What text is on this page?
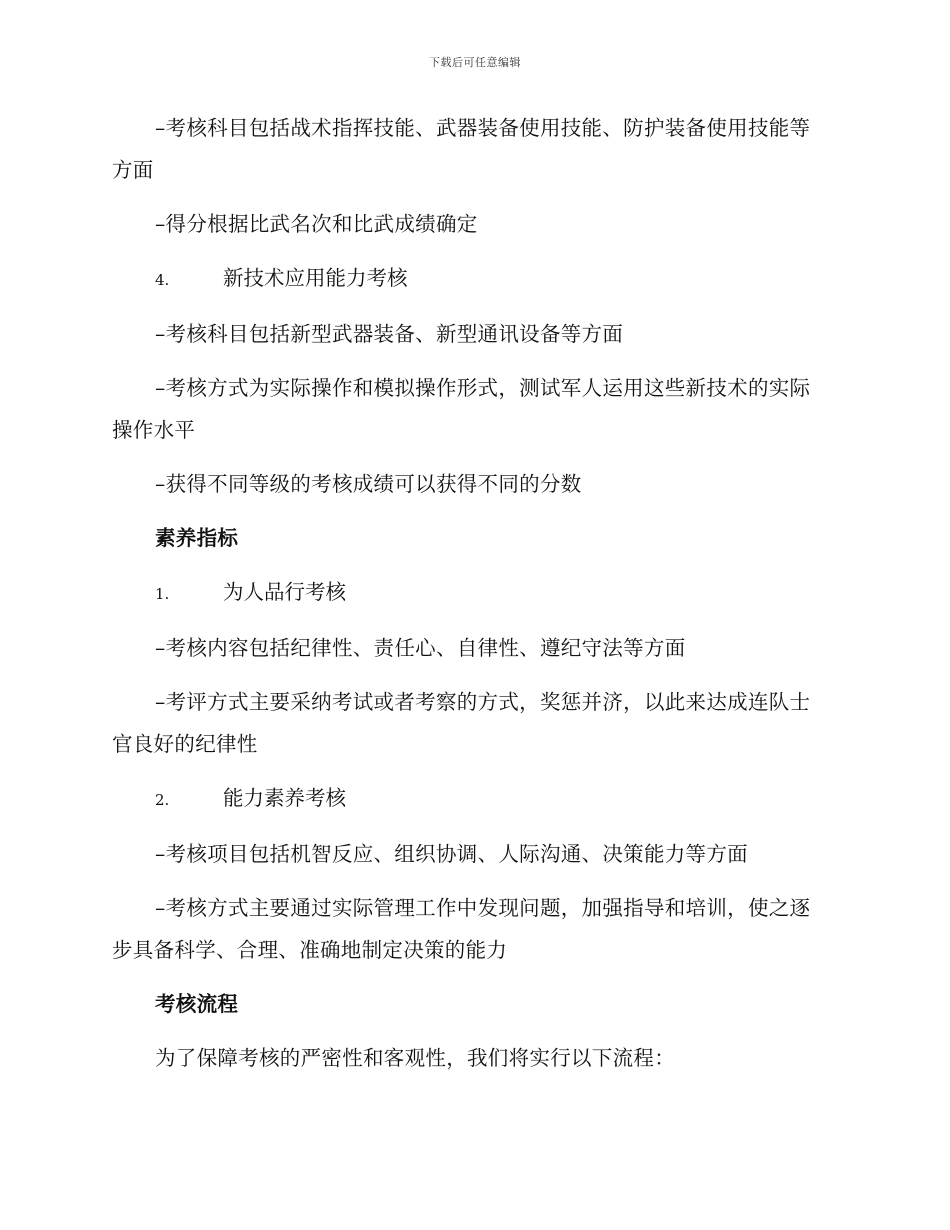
下载后可任意编辑

–考核科目包括战术指挥技能、武器装备使用技能、防护装备使用技能等方面

–得分根据比武名次和比武成绩确定

4.	新技术应用能力考核

–考核科目包括新型武器装备、新型通讯设备等方面

–考核方式为实际操作和模拟操作形式，测试军人运用这些新技术的实际操作水平

–获得不同等级的考核成绩可以获得不同的分数

素养指标
1.	为人品行考核

–考核内容包括纪律性、责任心、自律性、遵纪守法等方面

–考评方式主要采纳考试或者考察的方式，奖惩并济，以此来达成连队士官良好的纪律性

2.	能力素养考核

–考核项目包括机智反应、组织协调、人际沟通、决策能力等方面

–考核方式主要通过实际管理工作中发现问题，加强指导和培训，使之逐步具备科学、合理、准确地制定决策的能力

考核流程

为了保障考核的严密性和客观性，我们将实行以下流程：
